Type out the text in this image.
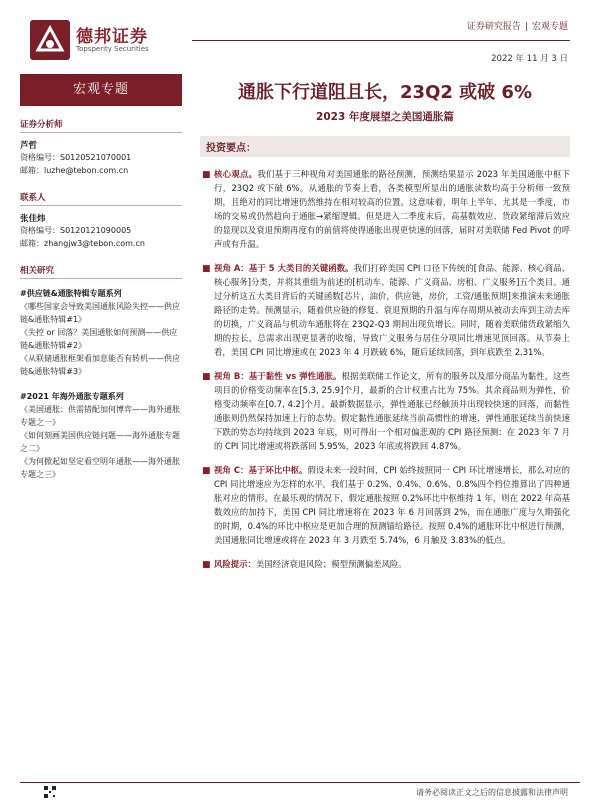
德邦证券
Topsperity Securities
证券研究报告 | 宏观专题
2022 年 11 月 3 日
宏观专题
证券分析师
芦哲
资格编号：S0120521070001
邮箱：luzhe@tebon.com.cn
联系人
张佳炜
资格编号：S0120121090005
邮箱：zhangjw3@tebon.com.cn
相关研究
#供应链&通胀特辑专题系列
《哪些国家会导致美国通胀风险失控——供应链&通胀特辑#1》
《失控 or 回落？美国通胀如何预测——供应链&通胀特辑#2》
《从联储通胀框架看加息能否有转机——供应链&通胀特辑#3》
#2021 年海外通胀专题系列
《美国通胀：供需错配加何博弈——海外通胀专题之一》
《如何刻画美国供应链问题——海外通胀专题之二》
《为何掀起如坚定看空明年通胀——海外通胀专题之三》
通胀下行道阻且长，23Q2 或破 6%
2023 年度展望之美国通胀篇
投资要点：
■ 核心观点。我们基于三种视角对美国通胀的路径预测，预测结果显示 2023 年美国通胀中枢下行，23Q2 或下破 6%。从通胀的节奏上看，各类模型所显出的通胀读数均高于分析师一致预期，且绝对的同比增速仍然维持在相对较高的位置。这意味着，明年上半年、尤其是一季度，市场的交易或仍然趋向于通胀→紧缩逻辑。但是进入二季度末后，高基数效应、货政紧缩滞后效应的显现以及衰退预期再度有的前值将使得通胀出现更快速的回落，届时对美联储 Fed Pivot 的呼声或有升温。
■ 视角 A：基于 5 大类目的关键函数。我们打碎美国 CPI 口径下传统的[食品、能源、核心商品、核心服务]分类，并将其重组为前述的[机动车、能源、广义商品、房租、广义服务]五个类目。通过分析这五大类目背后的关键函数[芯片，油价，供应链，房价，工资/通胀预期]来推演未来通胀路径的走势。预测显示，随着供应链的修复、衰退预期的升温与库存周期从被动去库到主动去库的切换，广义商品与机动车通胀将在 23Q2-Q3 期间出现负增长。同时，随着美联储货政紧缩久期的拉长，总需求出现更显著的收缩，导致广义服务与居住分项同比增速见顶回落。从节奏上看，美国 CPI 同比增速或在 2023 年 4 月跌破 6%，随后延续回落，到年底跌至 2.31%。
■ 视角 B：基于黏性 vs 弹性通胀。根据美联储工作论文，所有的服务以及部分商品为黏性，这些项目的价格变动频率在[5.3, 25.9]个月，最新的合计权重占比为 75%。其余商品则为弹性，价格变动频率在[0.7, 4.2]个月。最新数据显示，弹性通胀已经触顶并出现较快速的回落，而黏性通胀则仍然保持加速上行的态势。假定黏性通胀延续当前高惯性的增速、弹性通胀延续当前快速下跌的势态均持续到 2023 年底，则可得出一个相对偏悲观的 CPI 路径预测：在 2023 年 7 月的 CPI 同比增速或将跌落回 5.95%，2023 年底或将跌回 4.87%。
■ 视角 C：基于环比中枢。假设未来一段时间，CPI 始终按照同一 CPI 环比增速增长，那么对应的 CPI 同比增速应为怎样的水平。我们基于 0.2%、0.4%、0.6%、0.8%四个档位推算出了四种通胀对应的情形。在最乐观的情况下，假定通胀按照 0.2%环比中枢维持 1 年，则在 2022 年高基数效应的加持下，美国 CPI 同比增速将在 2023 年 6 月回落到 2%，而在通胀广度与久期强化的时期，0.4%的环比中枢应是更加合理的预测锚给路径。按照 0.4%的通胀环比中枢进行预测，美国通胀同比增速或将在 2023 年 3 月跌至 5.74%，6 月触及 3.83%的低点。
■ 风险提示：美国经济衰退风险；模型预测偏差风险。
请务必阅读正文之后的信息披露和法律声明
